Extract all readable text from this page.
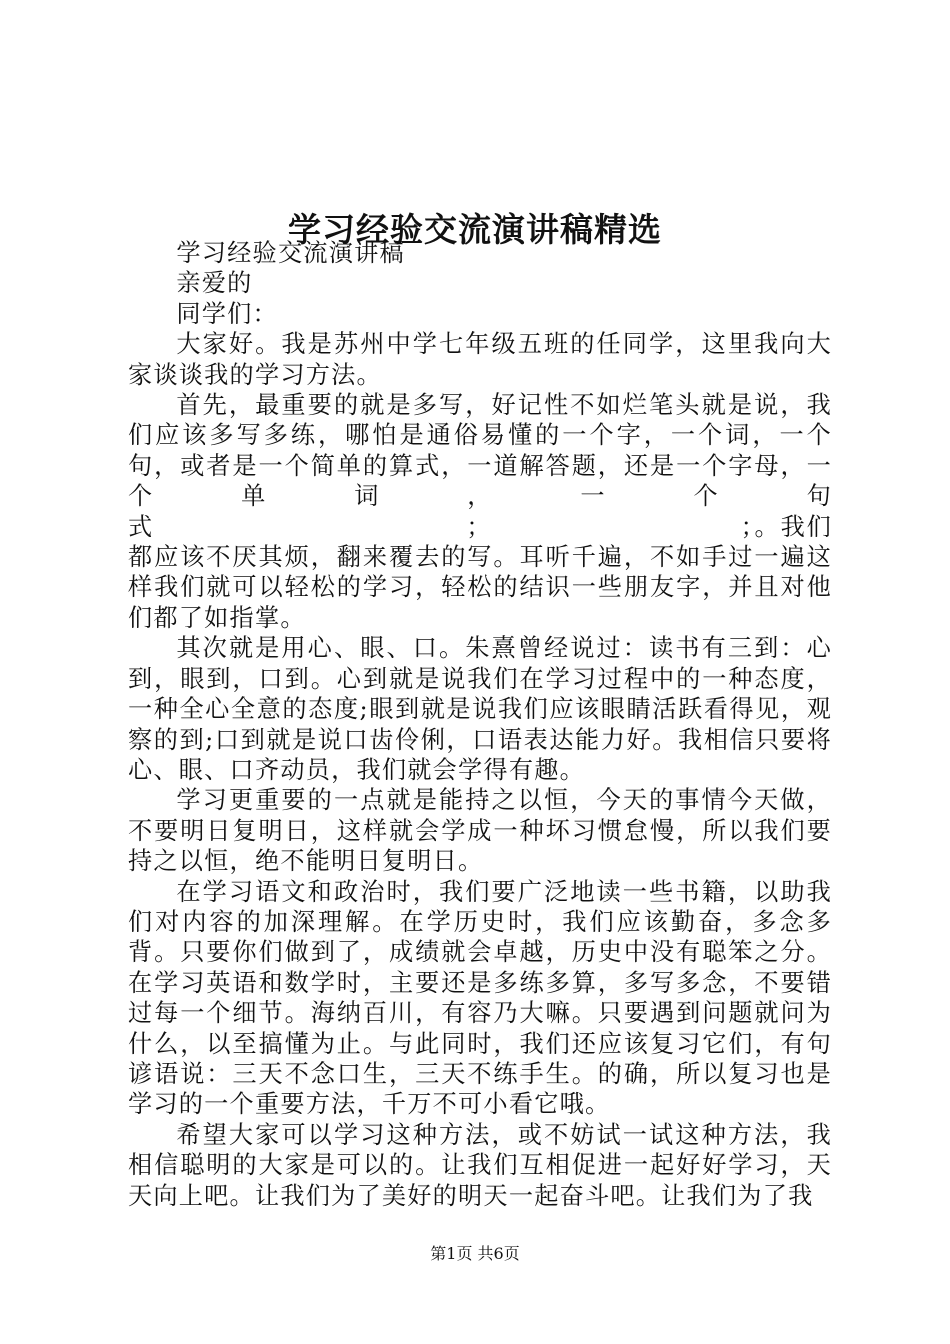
学习经验交流演讲稿精选

学习经验交流演讲稿

亲爱的

同学们：

大家好。我是苏州中学七年级五班的任同学，这里我向大家谈谈我的学习方法。

首先，最重要的就是多写，好记性不如烂笔头就是说，我们应该多写多练，哪怕是通俗易懂的一个字，一个词，一个句，或者是一个简单的算式，一道解答题，还是一个字母，一个单词，一个句式　　　　　　　　　　　　；　　　　　　　　　　；。我们都应该不厌其烦，翻来覆去的写。耳听千遍，不如手过一遍这样我们就可以轻松的学习，轻松的结识一些朋友字，并且对他们都了如指掌。

其次就是用心、眼、口。朱熹曾经说过：读书有三到：心到，眼到，口到。心到就是说我们在学习过程中的一种态度，一种全心全意的态度;眼到就是说我们应该眼睛活跃看得见，观察的到;口到就是说口齿伶俐，口语表达能力好。我相信只要将心、眼、口齐动员，我们就会学得有趣。

学习更重要的一点就是能持之以恒，今天的事情今天做，不要明日复明日，这样就会学成一种坏习惯怠慢，所以我们要持之以恒，绝不能明日复明日。

在学习语文和政治时，我们要广泛地读一些书籍，以助我们对内容的加深理解。在学历史时，我们应该勤奋，多念多背。只要你们做到了，成绩就会卓越，历史中没有聪笨之分。在学习英语和数学时，主要还是多练多算，多写多念，不要错过每一个细节。海纳百川，有容乃大嘛。只要遇到问题就问为什么，以至搞懂为止。与此同时，我们还应该复习它们，有句谚语说：三天不念口生，三天不练手生。的确，所以复习也是学习的一个重要方法，千万不可小看它哦。

希望大家可以学习这种方法，或不妨试一试这种方法，我相信聪明的大家是可以的。让我们互相促进一起好好学习，天天向上吧。让我们为了美好的明天一起奋斗吧。让我们为了我

第1页 共6页
